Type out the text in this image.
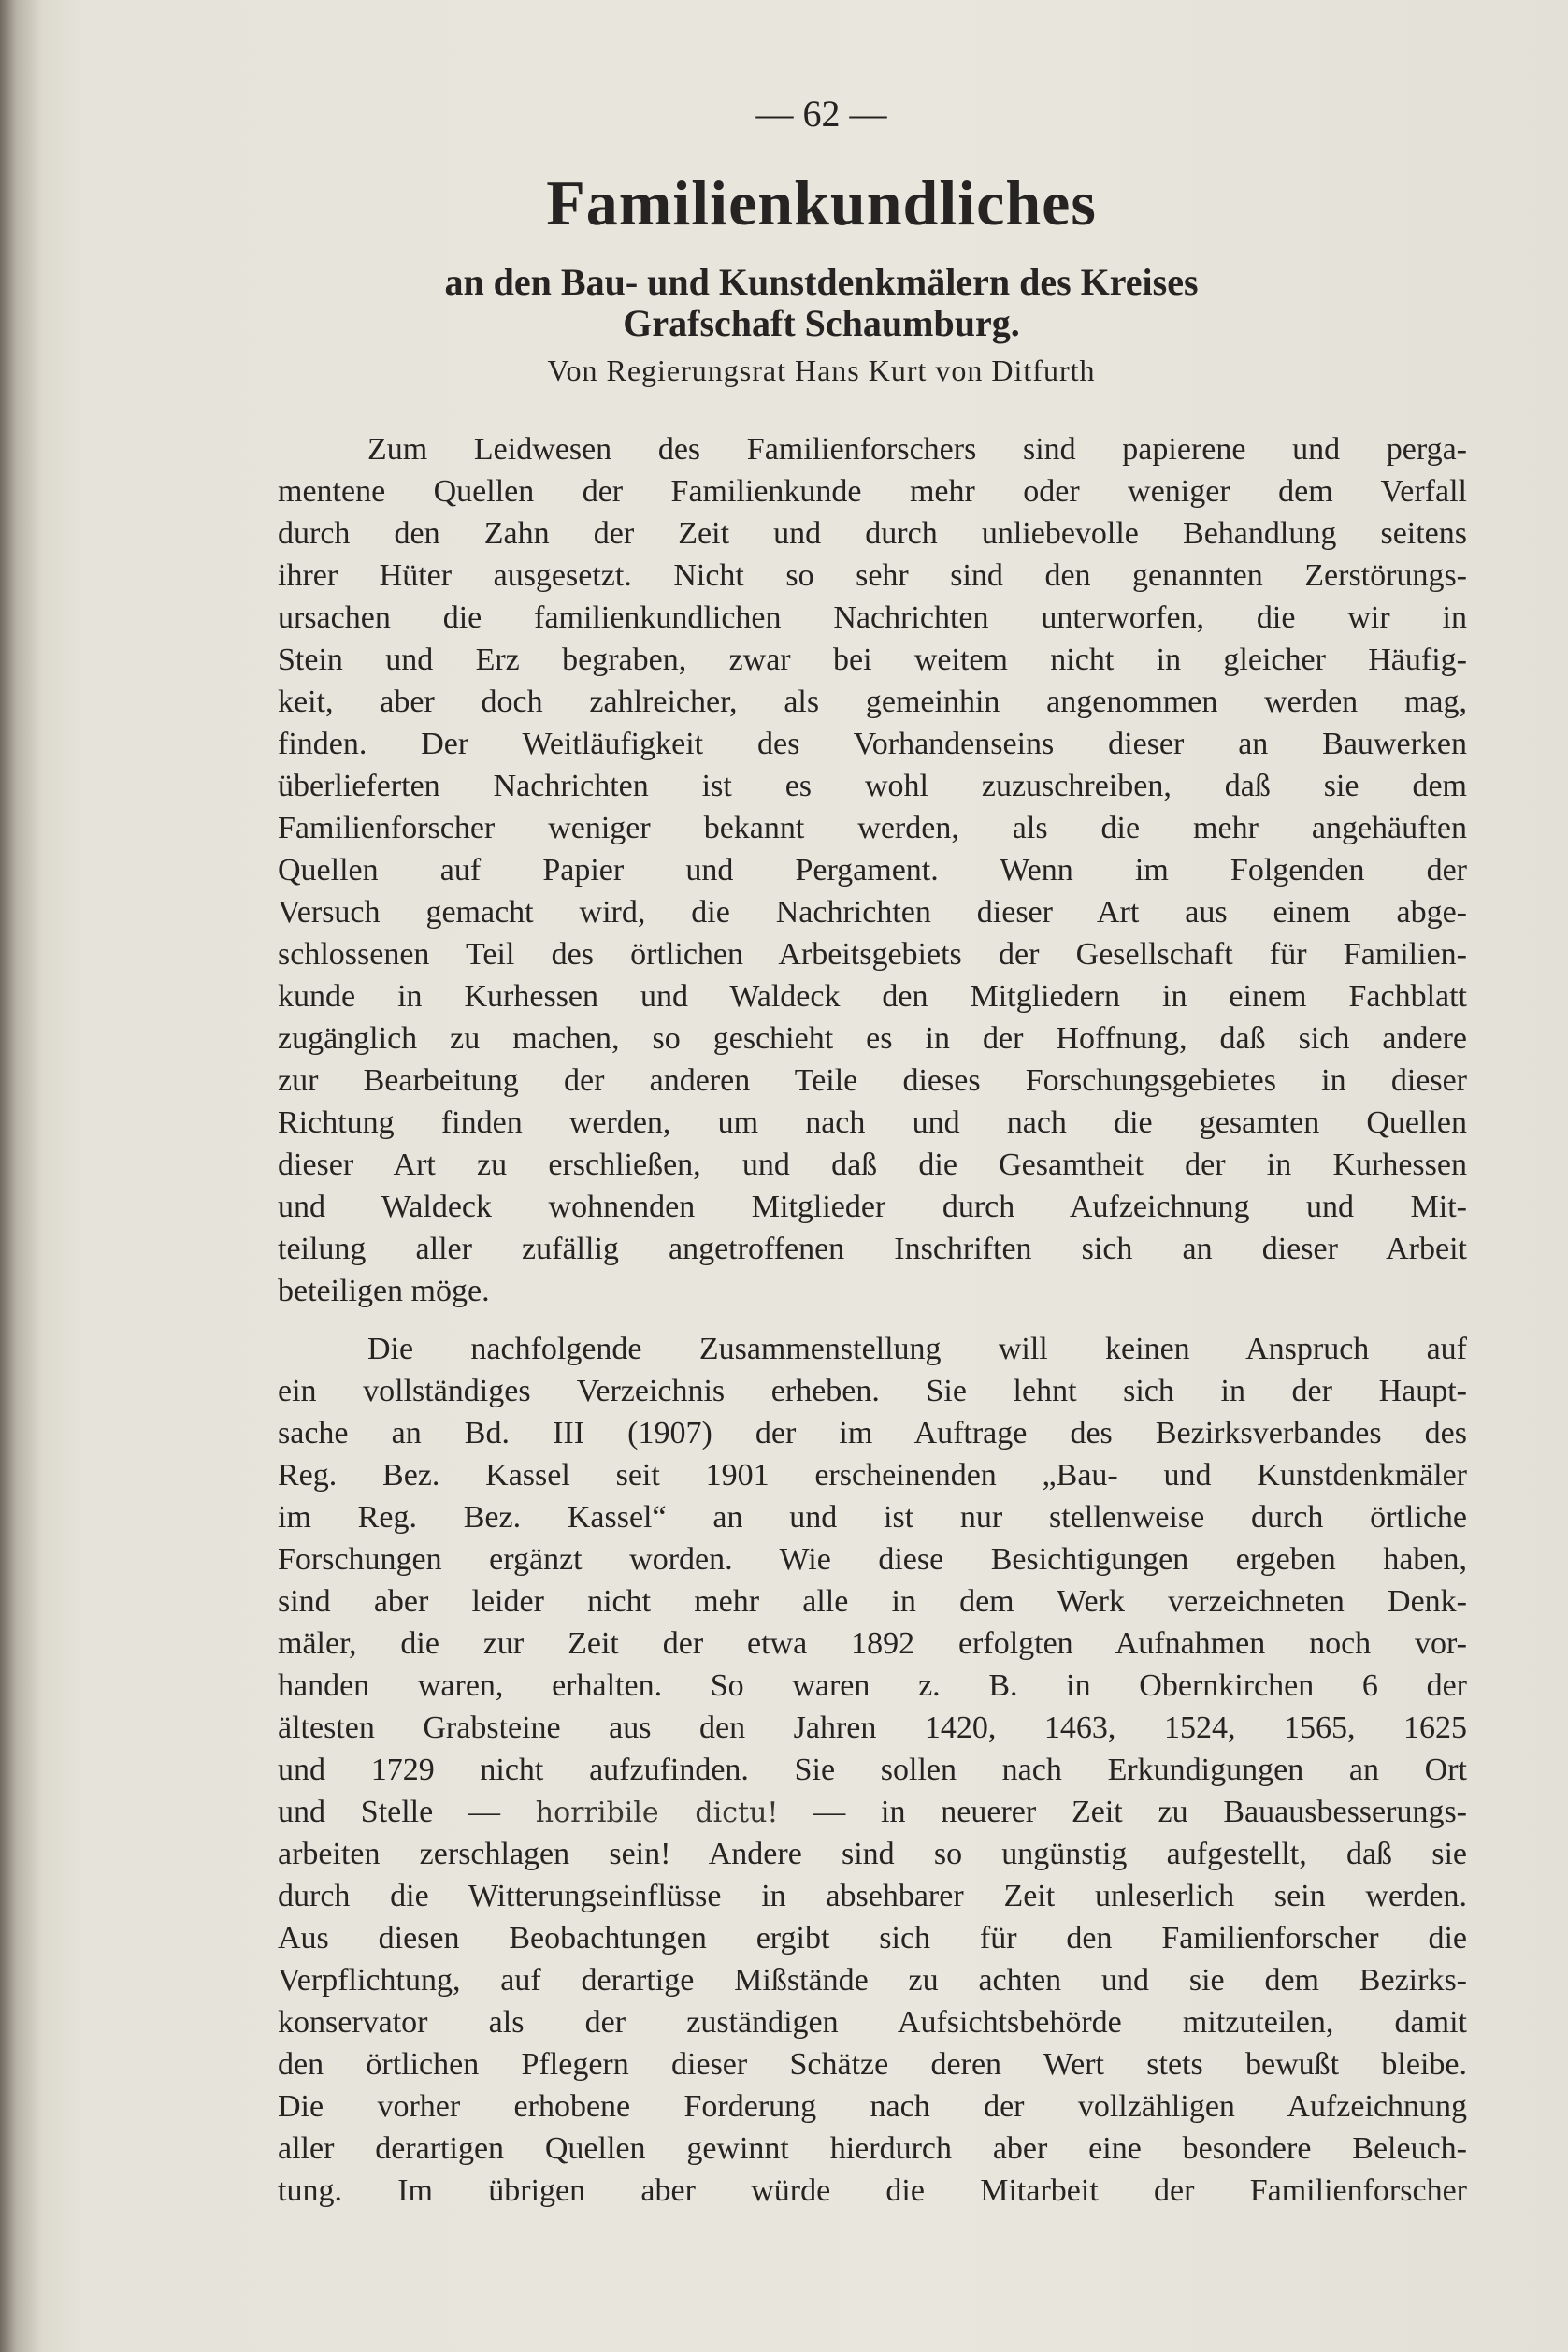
— 62 —
Familienkundliches
an den Bau- und Kunstdenkmälern des Kreises
Grafschaft Schaumburg.
Von Regierungsrat Hans Kurt von Ditfurth
Zum Leidwesen des Familienforschers sind papierene und perga-
mentene Quellen der Familienkunde mehr oder weniger dem Verfall
durch den Zahn der Zeit und durch unliebevolle Behandlung seitens
ihrer Hüter ausgesetzt. Nicht so sehr sind den genannten Zerstörungs-
ursachen die familienkundlichen Nachrichten unterworfen, die wir in
Stein und Erz begraben, zwar bei weitem nicht in gleicher Häufig-
keit, aber doch zahlreicher, als gemeinhin angenommen werden mag,
finden. Der Weitläufigkeit des Vorhandenseins dieser an Bauwerken
überlieferten Nachrichten ist es wohl zuzuschreiben, daß sie dem
Familienforscher weniger bekannt werden, als die mehr angehäuften
Quellen auf Papier und Pergament. Wenn im Folgenden der
Versuch gemacht wird, die Nachrichten dieser Art aus einem abge-
schlossenen Teil des örtlichen Arbeitsgebiets der Gesellschaft für Familien-
kunde in Kurhessen und Waldeck den Mitgliedern in einem Fachblatt
zugänglich zu machen, so geschieht es in der Hoffnung, daß sich andere
zur Bearbeitung der anderen Teile dieses Forschungsgebietes in dieser
Richtung finden werden, um nach und nach die gesamten Quellen
dieser Art zu erschließen, und daß die Gesamtheit der in Kurhessen
und Waldeck wohnenden Mitglieder durch Aufzeichnung und Mit-
teilung aller zufällig angetroffenen Inschriften sich an dieser Arbeit
beteiligen möge.
Die nachfolgende Zusammenstellung will keinen Anspruch auf
ein vollständiges Verzeichnis erheben. Sie lehnt sich in der Haupt-
sache an Bd. III (1907) der im Auftrage des Bezirksverbandes des
Reg. Bez. Kassel seit 1901 erscheinenden „Bau- und Kunstdenkmäler
im Reg. Bez. Kassel“ an und ist nur stellenweise durch örtliche
Forschungen ergänzt worden. Wie diese Besichtigungen ergeben haben,
sind aber leider nicht mehr alle in dem Werk verzeichneten Denk-
mäler, die zur Zeit der etwa 1892 erfolgten Aufnahmen noch vor-
handen waren, erhalten. So waren z. B. in Obernkirchen 6 der
ältesten Grabsteine aus den Jahren 1420, 1463, 1524, 1565, 1625
und 1729 nicht aufzufinden. Sie sollen nach Erkundigungen an Ort
und Stelle — horribile dictu! — in neuerer Zeit zu Bauausbesserungs-
arbeiten zerschlagen sein! Andere sind so ungünstig aufgestellt, daß sie
durch die Witterungseinflüsse in absehbarer Zeit unleserlich sein werden.
Aus diesen Beobachtungen ergibt sich für den Familienforscher die
Verpflichtung, auf derartige Mißstände zu achten und sie dem Bezirks-
konservator als der zuständigen Aufsichtsbehörde mitzuteilen, damit
den örtlichen Pflegern dieser Schätze deren Wert stets bewußt bleibe.
Die vorher erhobene Forderung nach der vollzähligen Aufzeichnung
aller derartigen Quellen gewinnt hierdurch aber eine besondere Beleuch-
tung. Im übrigen aber würde die Mitarbeit der Familienforscher
